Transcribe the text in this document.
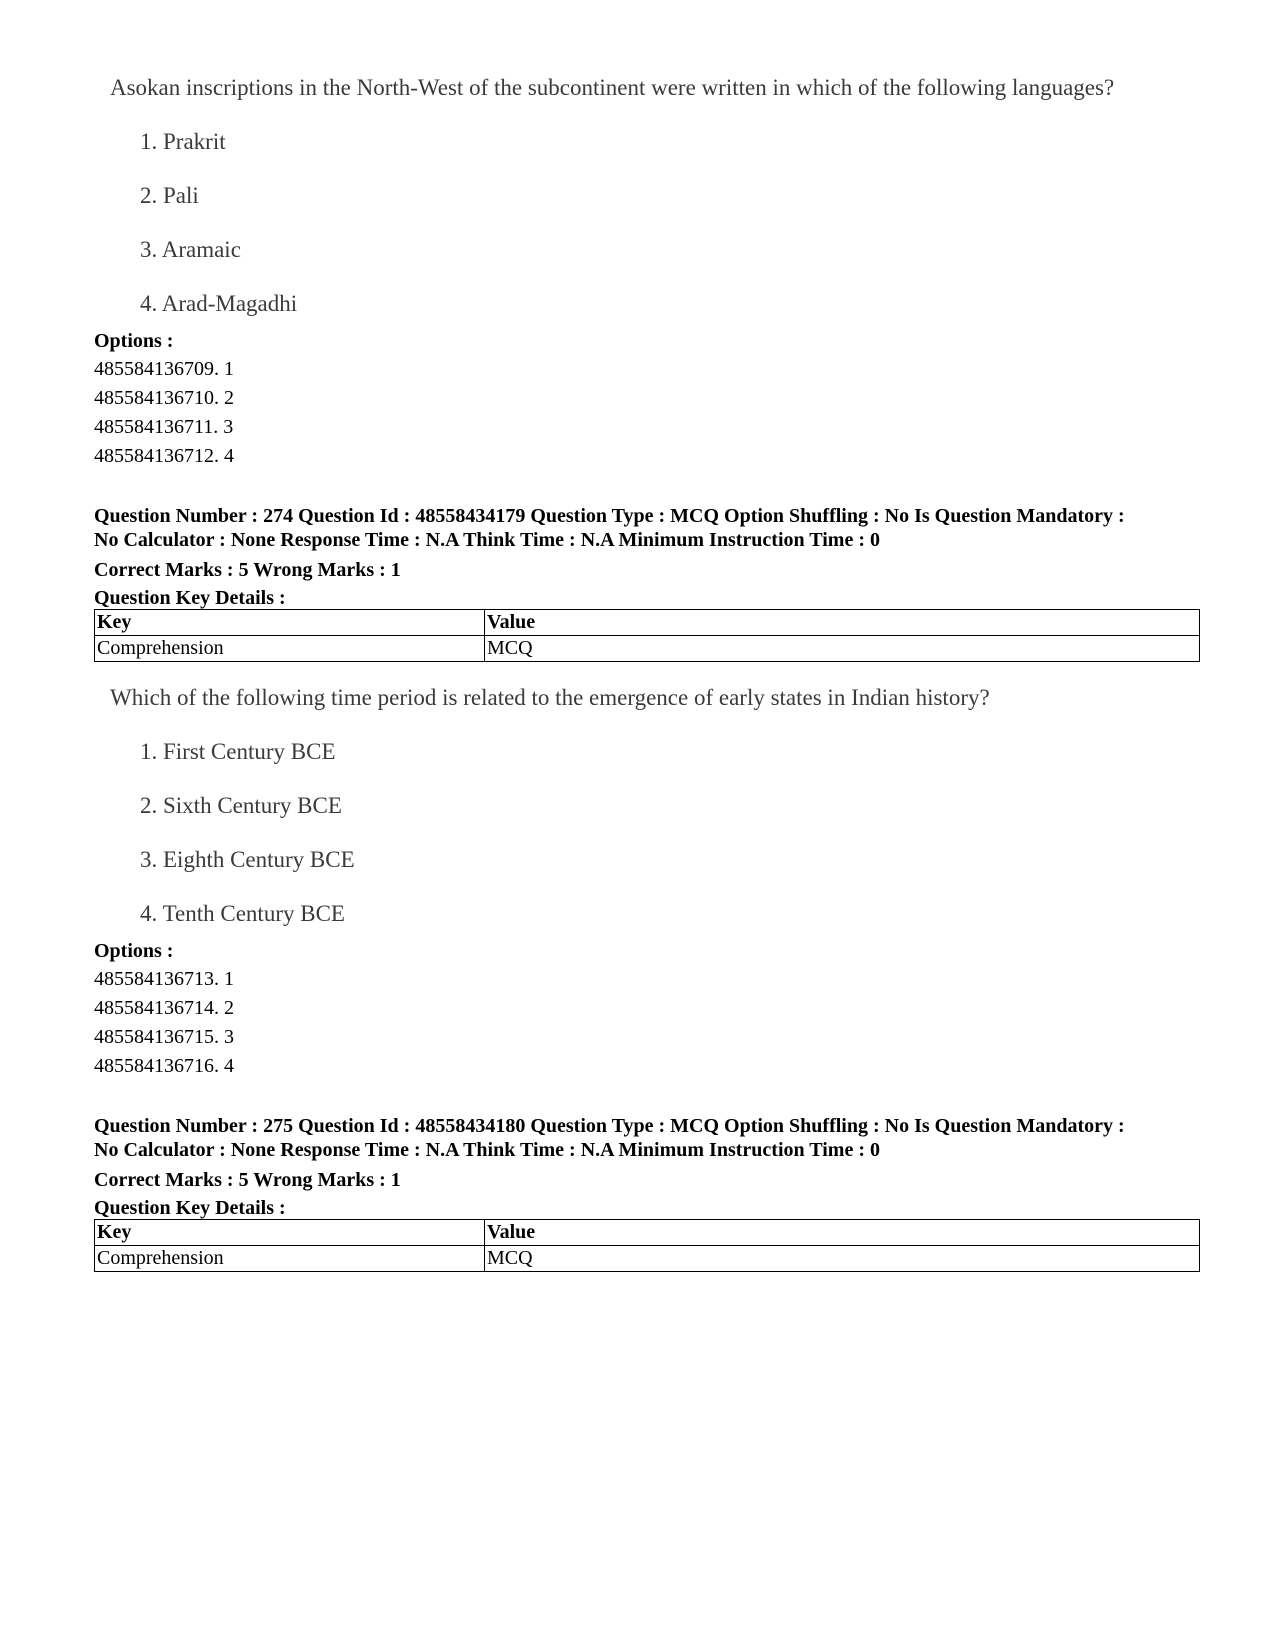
Asokan inscriptions in the North-West of the subcontinent were written in which of the following languages?
1. Prakrit
2. Pali
3. Aramaic
4. Arad-Magadhi
Options :
485584136709. 1
485584136710. 2
485584136711. 3
485584136712. 4
Question Number : 274 Question Id : 48558434179 Question Type : MCQ Option Shuffling : No Is Question Mandatory :
No Calculator : None Response Time : N.A Think Time : N.A Minimum Instruction Time : 0
Correct Marks : 5 Wrong Marks : 1
Question Key Details :
Key	Value
Comprehension	MCQ
Which of the following time period is related to the emergence of early states in Indian history?
1. First Century BCE
2. Sixth Century BCE
3. Eighth Century BCE
4. Tenth Century BCE
Options :
485584136713. 1
485584136714. 2
485584136715. 3
485584136716. 4
Question Number : 275 Question Id : 48558434180 Question Type : MCQ Option Shuffling : No Is Question Mandatory :
No Calculator : None Response Time : N.A Think Time : N.A Minimum Instruction Time : 0
Correct Marks : 5 Wrong Marks : 1
Question Key Details :
Key	Value
Comprehension	MCQ
